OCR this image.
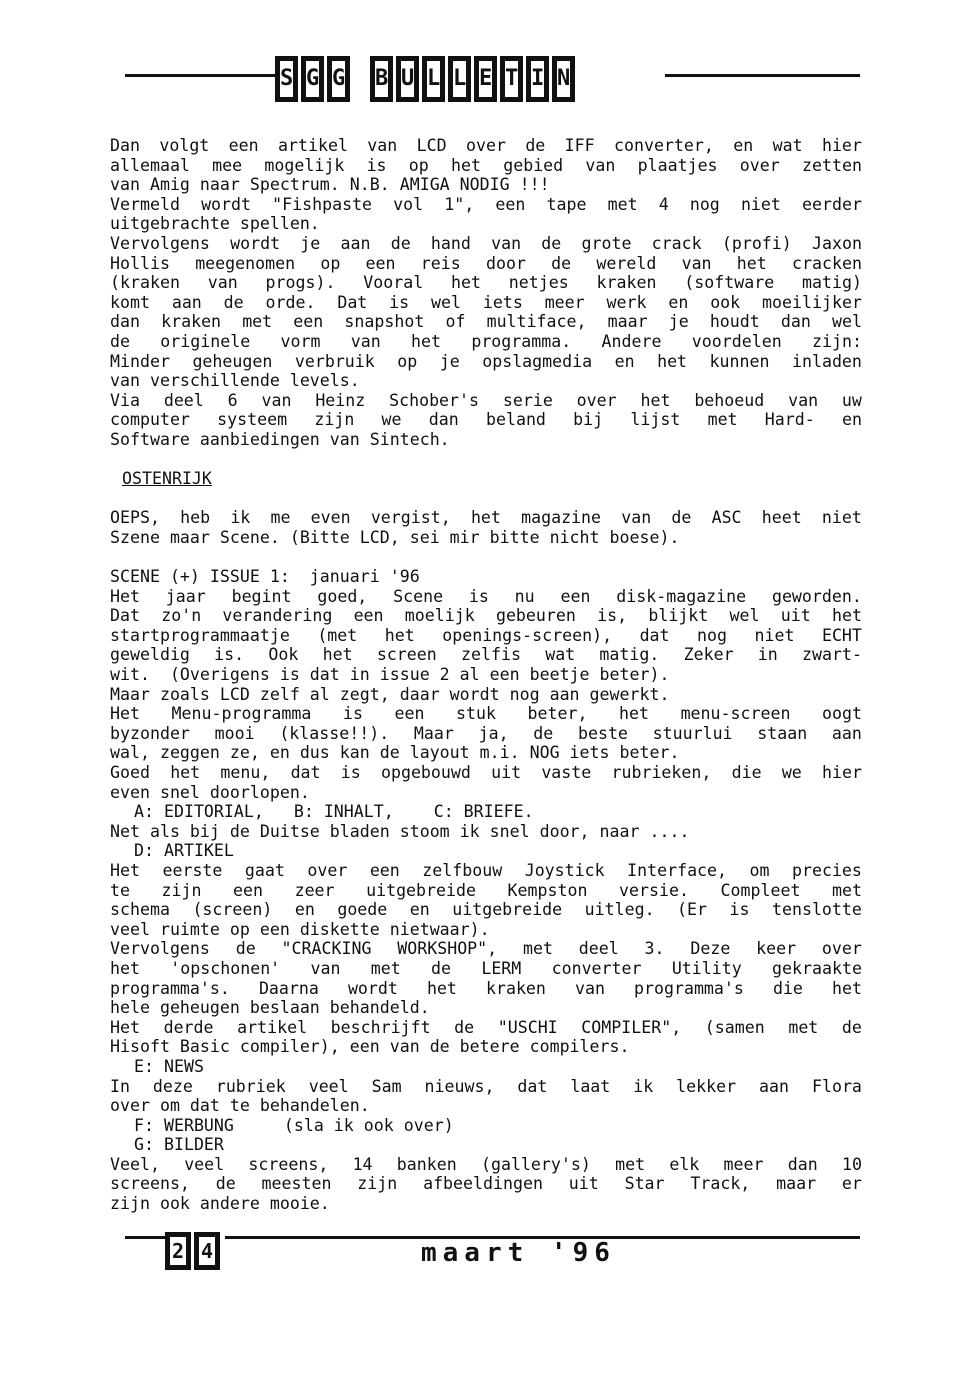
S G G B U L L E T I N
Dan volgt een artikel van LCD over de IFF converter, en wat hier
allemaal mee mogelijk is op het gebied van plaatjes over zetten
van Amig naar Spectrum. N.B. AMIGA NODIG !!!
Vermeld wordt "Fishpaste vol 1", een tape met 4 nog niet eerder
uitgebrachte spellen.
Vervolgens wordt je aan de hand van de grote crack (profi) Jaxon
Hollis meegenomen op een reis door de wereld van het cracken
(kraken van progs). Vooral het netjes kraken (software matig)
komt aan de orde. Dat is wel iets meer werk en ook moeilijker
dan kraken met een snapshot of multiface, maar je houdt dan wel
de originele vorm van het programma. Andere voordelen zijn:
Minder geheugen verbruik op je opslagmedia en het kunnen inladen
van verschillende levels.
Via deel 6 van Heinz Schober's serie over het behoeud van uw
computer systeem zijn we dan beland bij lijst met Hard- en
Software aanbiedingen van Sintech.
OSTENRIJK
OEPS, heb ik me even vergist, het magazine van de ASC heet niet
Szene maar Scene. (Bitte LCD, sei mir bitte nicht boese).
SCENE (+) ISSUE 1:  januari '96
Het jaar begint goed, Scene is nu een disk-magazine geworden.
Dat zo'n verandering een moelijk gebeuren is, blijkt wel uit het
startprogrammaatje (met het openings-screen), dat nog niet ECHT
geweldig is. Ook het screen zelfis wat matig. Zeker in zwart-
wit.  (Overigens is dat in issue 2 al een beetje beter).
Maar zoals LCD zelf al zegt, daar wordt nog aan gewerkt.
Het Menu-programma is een stuk beter, het menu-screen oogt
byzonder mooi (klasse!!). Maar ja, de beste stuurlui staan aan
wal, zeggen ze, en dus kan de layout m.i. NOG iets beter.
Goed het menu, dat is opgebouwd uit vaste rubrieken, die we hier
even snel doorlopen.
A: EDITORIAL,   B: INHALT,    C: BRIEFE.
Net als bij de Duitse bladen stoom ik snel door, naar ....
D: ARTIKEL
Het eerste gaat over een zelfbouw Joystick Interface, om precies
te zijn een zeer uitgebreide Kempston versie. Compleet met
schema (screen) en goede en uitgebreide uitleg. (Er is tenslotte
veel ruimte op een diskette nietwaar).
Vervolgens de "CRACKING WORKSHOP", met deel 3. Deze keer over
het 'opschonen' van met de LERM converter Utility gekraakte
programma's. Daarna wordt het kraken van programma's die het
hele geheugen beslaan behandeld.
Het derde artikel beschrijft de "USCHI COMPILER", (samen met de
Hisoft Basic compiler), een van de betere compilers.
E: NEWS
In deze rubriek veel Sam nieuws, dat laat ik lekker aan Flora
over om dat te behandelen.
F: WERBUNG     (sla ik ook over)
G: BILDER
Veel, veel screens, 14 banken (gallery's) met elk meer dan 10
screens, de meesten zijn afbeeldingen uit Star Track, maar er
zijn ook andere mooie.
2 4	maart '96
